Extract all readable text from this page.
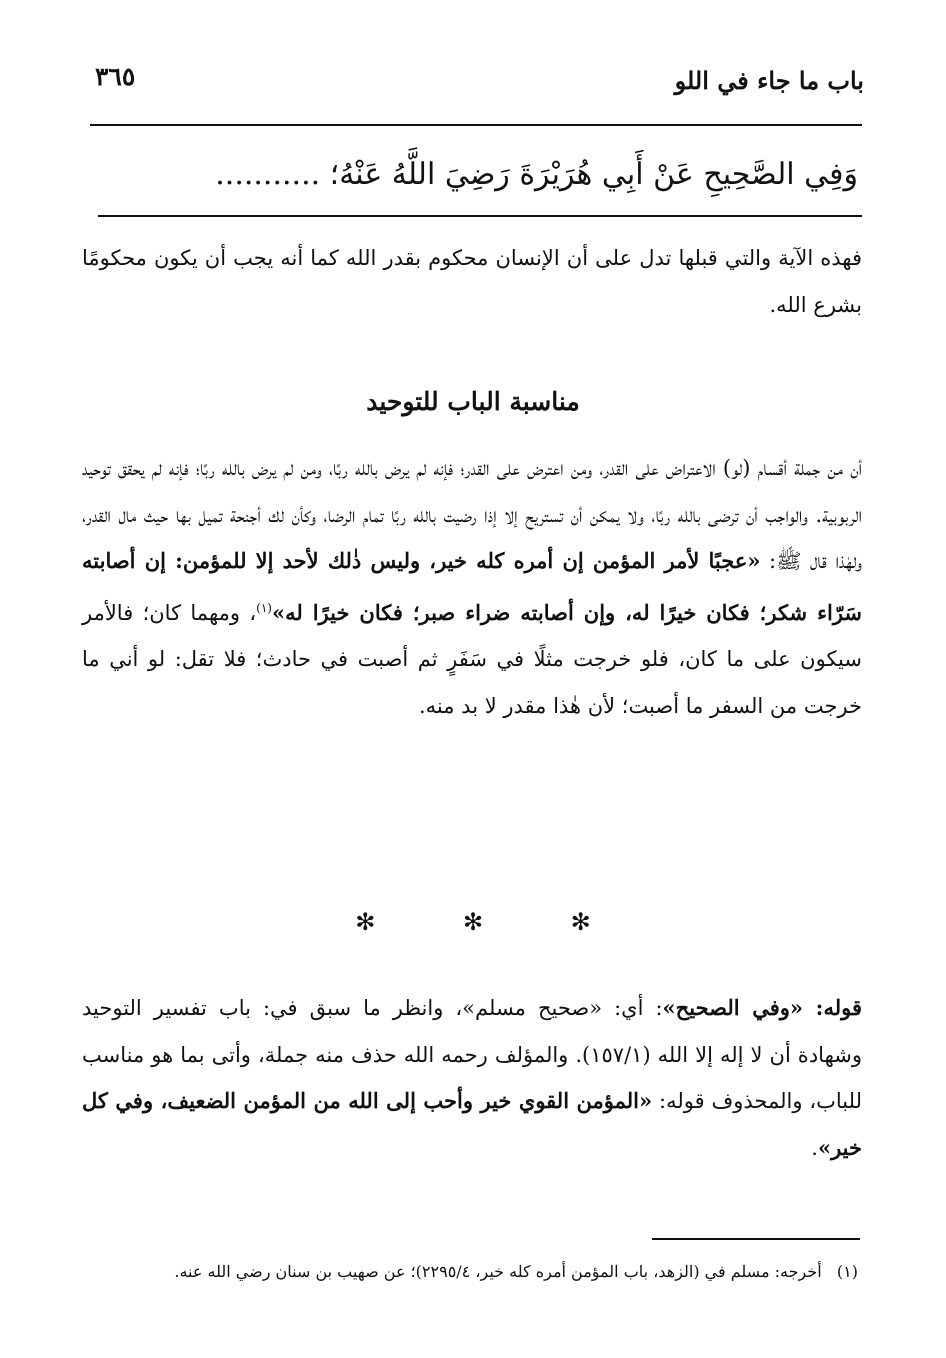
باب ما جاء في اللو
٣٦٥
وَفِي الصَّحِيحِ عَنْ أَبِي هُرَيْرَةَ رَضِيَ اللَّهُ عَنْهُ؛ ...........

فهذه الآية والتي قبلها تدل على أن الإنسان محكوم بقدر الله كما أنه يجب أن يكون محكومًا بشرع الله.

مناسبة الباب للتوحيد

أن من جملة أقسام (لو) الاعتراض على القدر، ومن اعترض على القدر؛ فإنه لم يرض بالله ربًا، ومن لم يرض بالله ربًا؛ فإنه لم يحقق توحيد الربوبية. والواجب أن ترضى بالله ربًا، ولا يمكن أن تستريح إلا إذا رضيت بالله ربًا تمام الرضا، وكأن لك أجنحة تميل بها حيث مال القدر، ولهٰذا قال ﷺ: «عجبًا لأمر المؤمن إن أمره كله خير، وليس ذٰلك لأحد إلا للمؤمن: إن أصابته سَرّاء شكر؛ فكان خيرًا له، وإن أصابته ضراء صبر؛ فكان خيرًا له»$^{(١)}$، ومهما كان؛ فالأمر سيكون على ما كان، فلو خرجت مثلًا في سَفَرٍ ثم أصبت في حادث؛ فلا تقل: لو أني ما خرجت من السفر ما أصبت؛ لأن هٰذا مقدر لا بد منه.

✻ ✻ ✻

قوله: «وفي الصحيح»: أي: «صحيح مسلم»، وانظر ما سبق في: باب تفسير التوحيد وشهادة أن لا إله إلا الله (١٥٧/١). والمؤلف رحمه الله حذف منه جملة، وأتى بما هو مناسب للباب، والمحذوف قوله: «المؤمن القوي خير وأحب إلى الله من المؤمن الضعيف، وفي كل خير».

(١)   أخرجه: مسلم في (الزهد، باب المؤمن أمره كله خير، ٢٢٩٥/٤)؛ عن صهيب بن سنان رضي الله عنه.
